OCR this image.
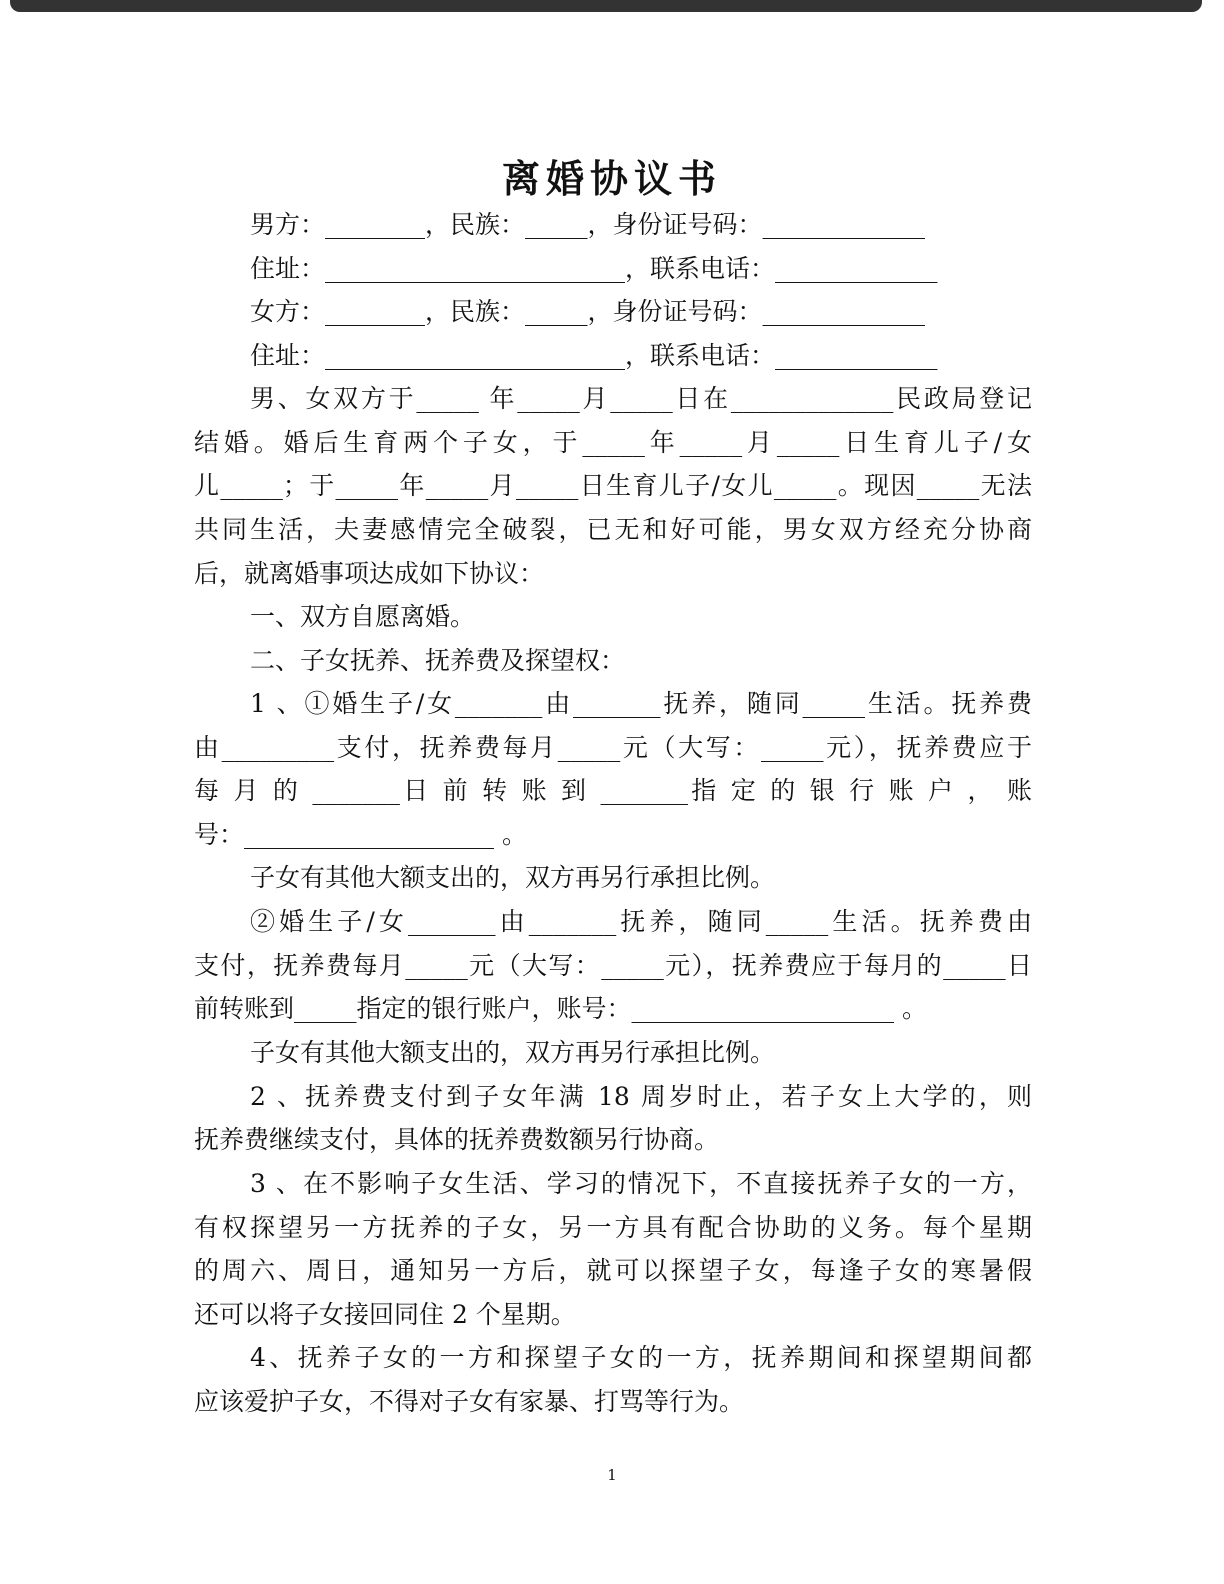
离婚协议书
男方：________，民族：_____，身份证号码：_____________
住址：________________________，联系电话：_____________
女方：________，民族：_____，身份证号码：_____________
住址：________________________，联系电话：_____________
男、女双方于_____ 年_____月_____日在_____________民政局登记
结婚。婚后生育两个子女，于_____年_____月_____日生育儿子/女
儿_____；于_____年_____月_____日生育儿子/女儿_____。现因_____无法
共同生活，夫妻感情完全破裂，已无和好可能，男女双方经充分协商
后，就离婚事项达成如下协议：
一、双方自愿离婚。
二、子女抚养、抚养费及探望权：
1 、①婚生子/女_______由_______抚养，随同_____生活。抚养费
由_________支付，抚养费每月_____元（大写：_____元），抚养费应于
每 月 的 _______日 前 转 账 到 _______指 定 的 银 行 账 户 ， 账
号：____________________ 。
子女有其他大额支出的，双方再另行承担比例。
②婚生子/女_______由_______抚养，随同_____生活。抚养费由
支付，抚养费每月_____元（大写：_____元），抚养费应于每月的_____日
前转账到_____指定的银行账户，账号：_____________________ 。
子女有其他大额支出的，双方再另行承担比例。
2 、抚养费支付到子女年满 18 周岁时止，若子女上大学的，则
抚养费继续支付，具体的抚养费数额另行协商。
3 、在不影响子女生活、学习的情况下，不直接抚养子女的一方，
有权探望另一方抚养的子女，另一方具有配合协助的义务。每个星期
的周六、周日，通知另一方后，就可以探望子女，每逢子女的寒暑假
还可以将子女接回同住 2 个星期。
4、抚养子女的一方和探望子女的一方，抚养期间和探望期间都
应该爱护子女，不得对子女有家暴、打骂等行为。
1
